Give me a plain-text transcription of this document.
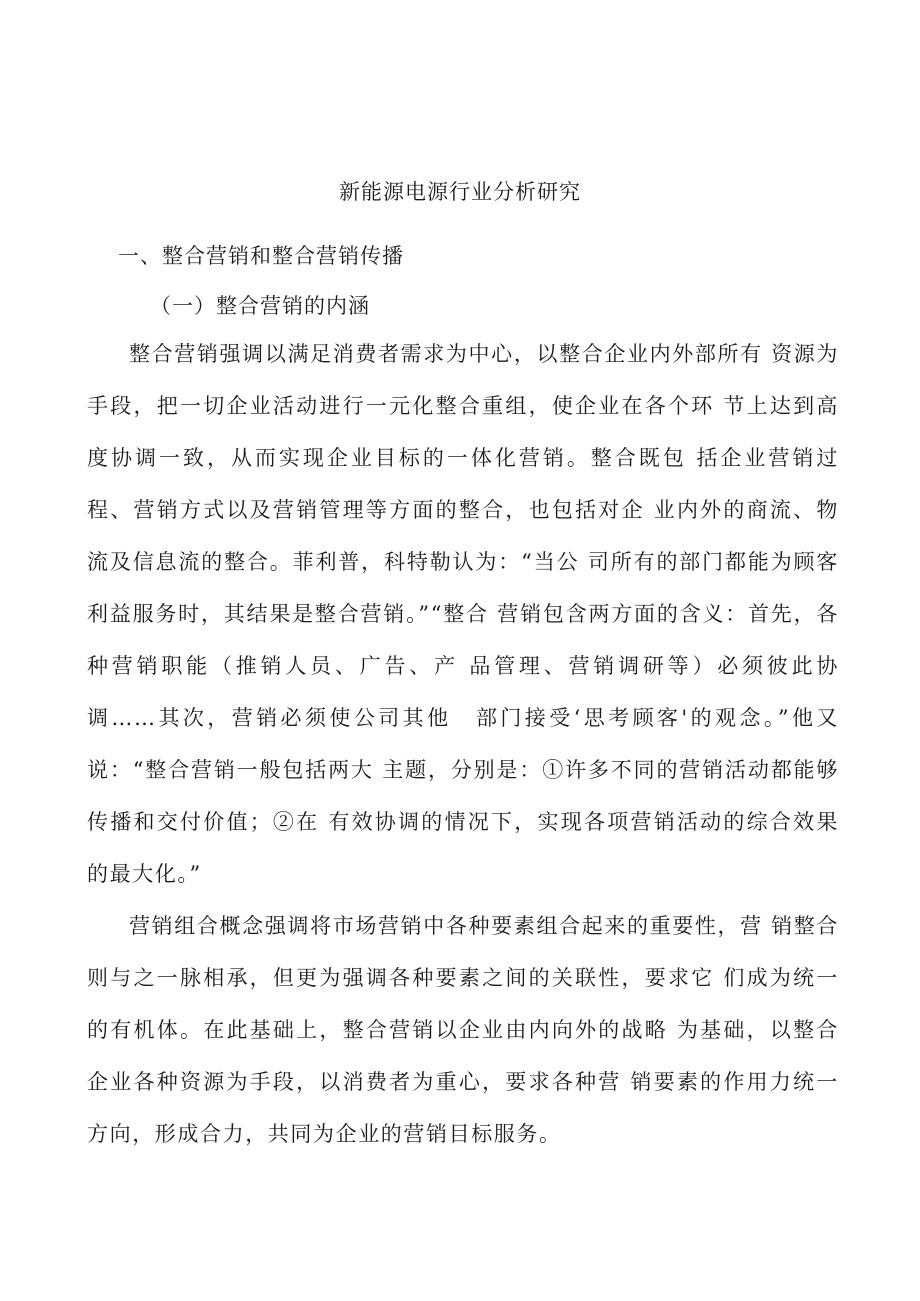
新能源电源行业分析研究
一、整合营销和整合营销传播
（一）整合营销的内涵

整合营销强调以满足消费者需求为中心，以整合企业内外部所有 资源为手段，把一切企业活动进行一元化整合重组，使企业在各个环 节上达到高度协调一致，从而实现企业目标的一体化营销。整合既包 括企业营销过程、营销方式以及营销管理等方面的整合，也包括对企 业内外的商流、物流及信息流的整合。菲利普，科特勒认为：“当公 司所有的部门都能为顾客利益服务时，其结果是整合营销。”“整合 营销包含两方面的含义：首先，各种营销职能（推销人员、广告、产 品管理、营销调研等）必须彼此协调……其次，营销必须使公司其他　部门接受‘思考顾客'的观念。”他又说：“整合营销一般包括两大 主题，分别是：①许多不同的营销活动都能够传播和交付价值；②在 有效协调的情况下，实现各项营销活动的综合效果的最大化。”

营销组合概念强调将市场营销中各种要素组合起来的重要性，营 销整合则与之一脉相承，但更为强调各种要素之间的关联性，要求它 们成为统一的有机体。在此基础上，整合营销以企业由内向外的战略 为基础，以整合企业各种资源为手段，以消费者为重心，要求各种营 销要素的作用力统一方向，形成合力，共同为企业的营销目标服务。
